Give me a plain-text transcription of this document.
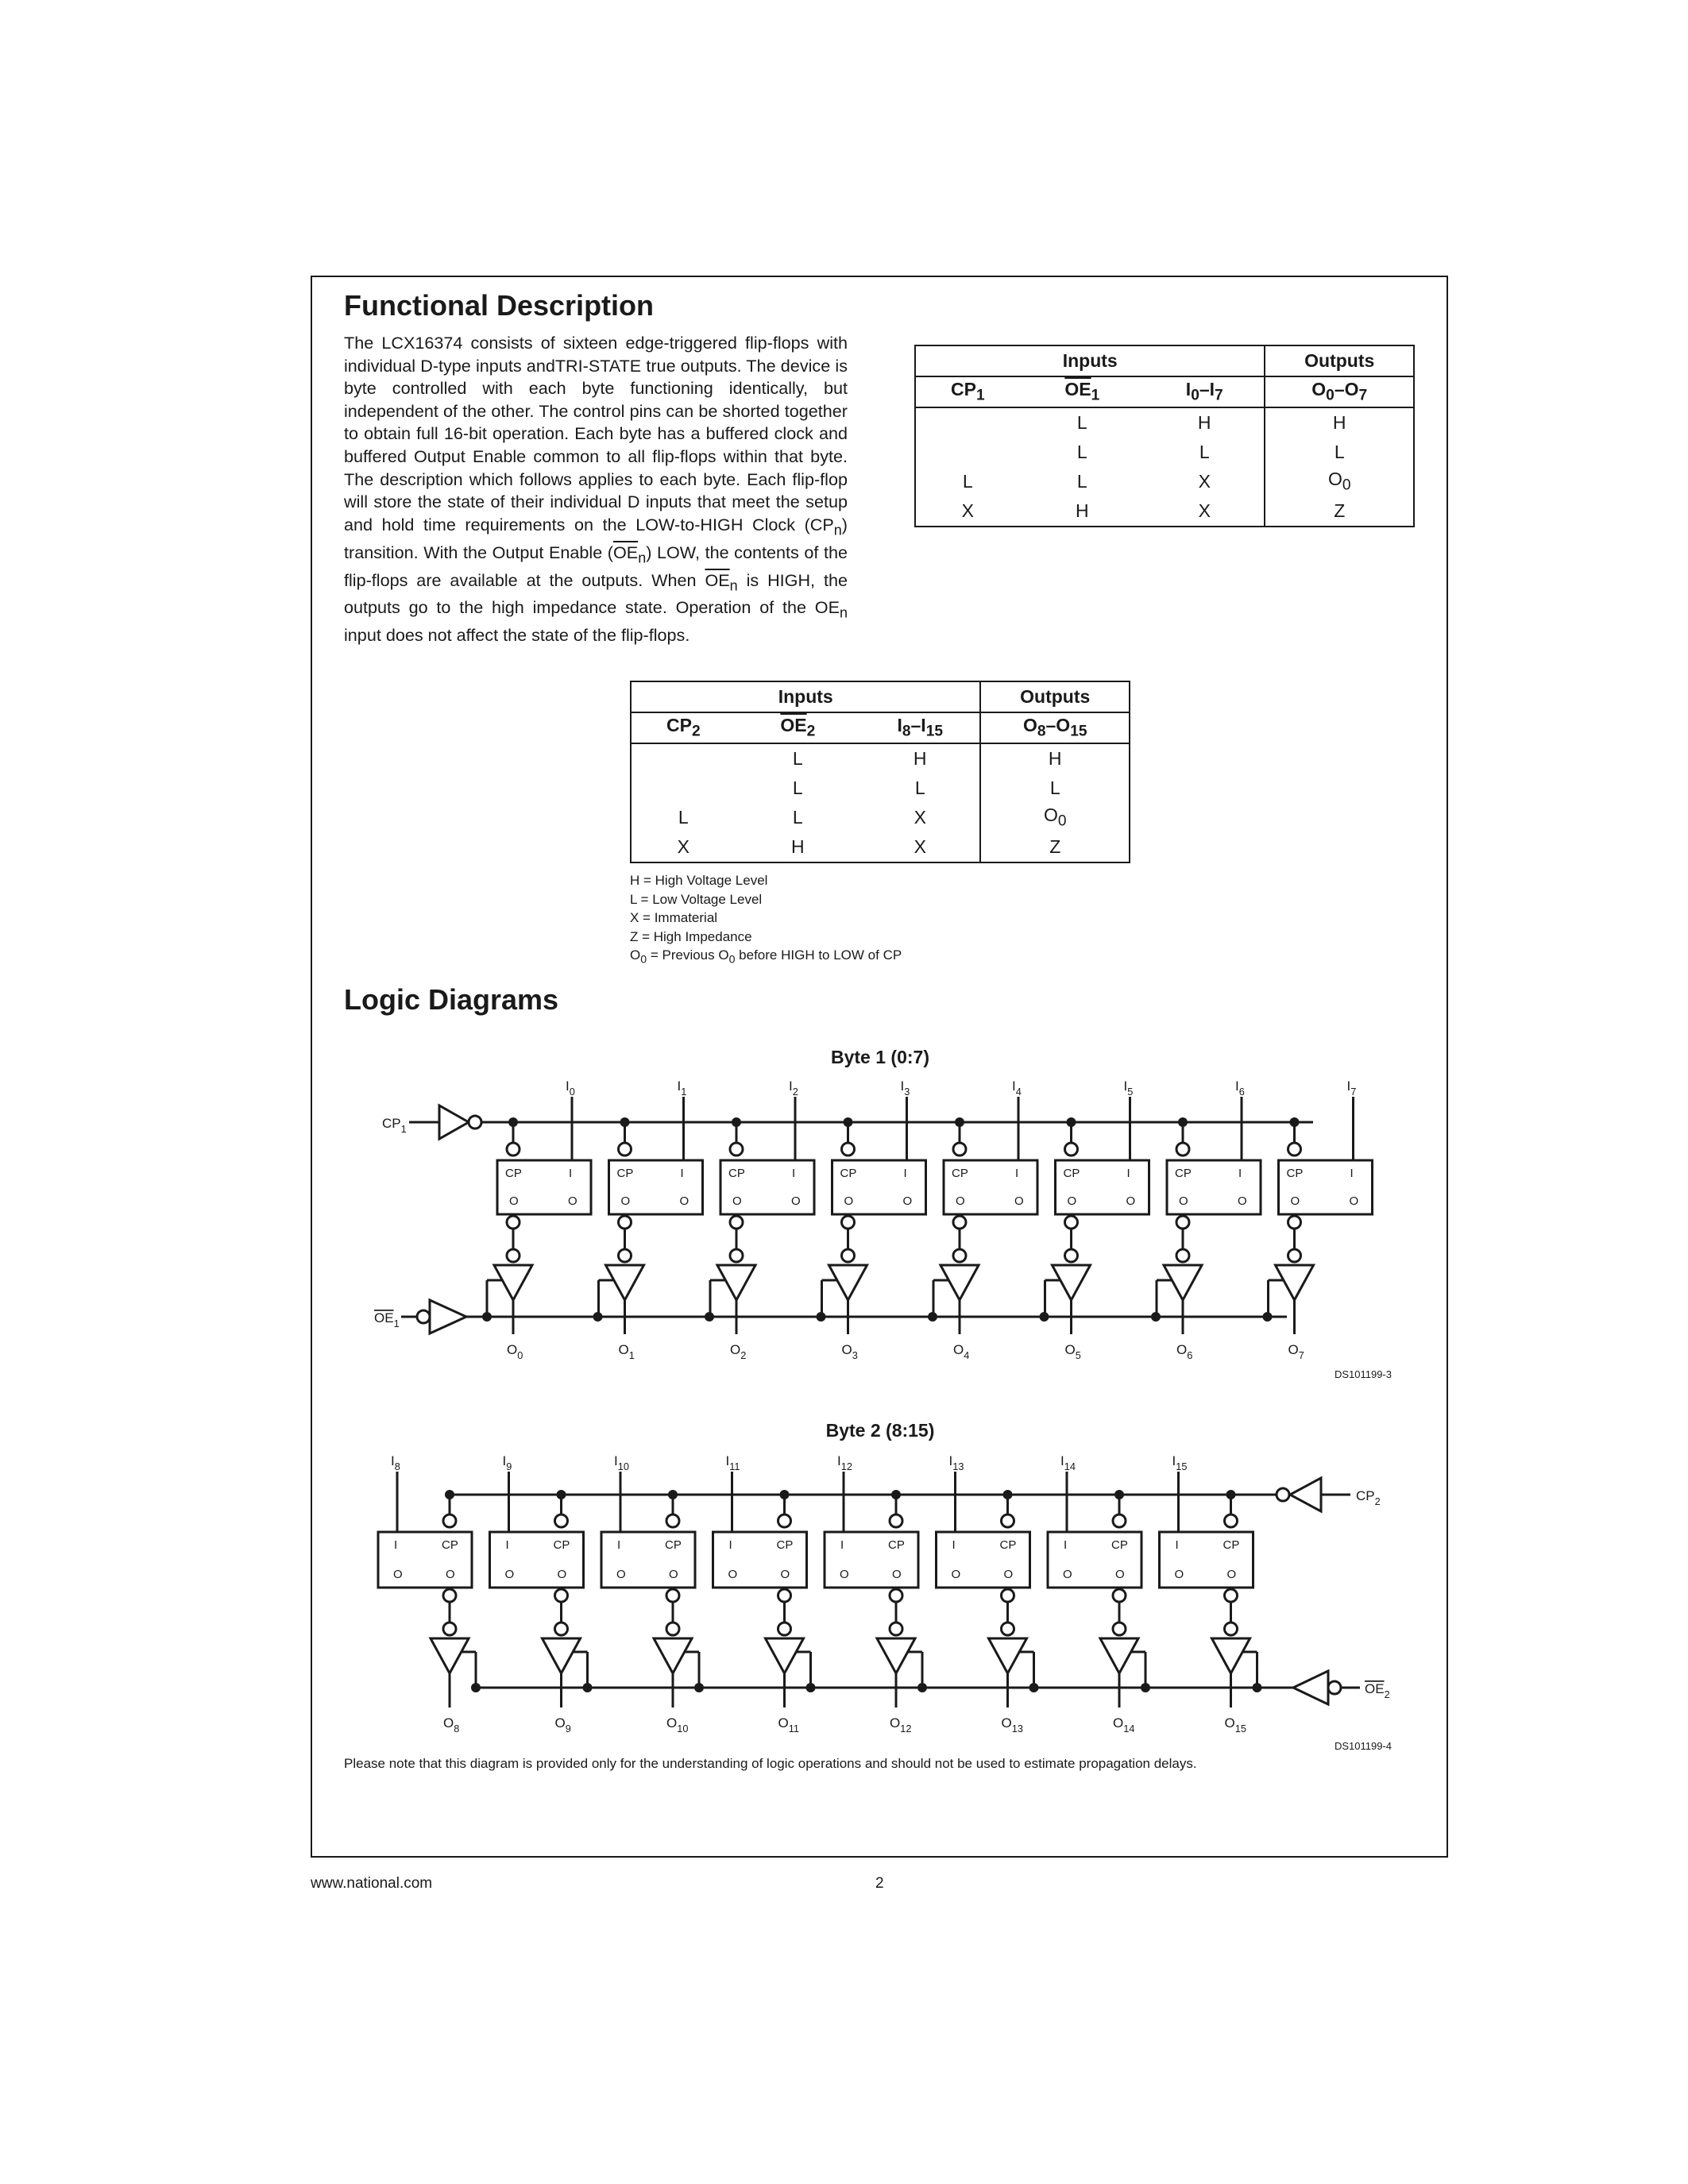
Functional Description

The LCX16374 consists of sixteen edge-triggered flip-flops with individual D-type inputs andTRI-STATE true outputs. The device is byte controlled with each byte functioning identically, but independent of the other. The control pins can be shorted together to obtain full 16-bit operation. Each byte has a buffered clock and buffered Output Enable common to all flip-flops within that byte. The description which follows applies to each byte. Each flip-flop will store the state of their individual D inputs that meet the setup and hold time requirements on the LOW-to-HIGH Clock $(CP_n)$ transition. With the Output Enable $(\overline{OE}_n)$ LOW, the contents of the flip-flops are available at the outputs. When $\overline{OE}_n$ is HIGH, the outputs go to the high impedance state. Operation of the $OE_n$ input does not affect the state of the flip-flops.

Inputs			Outputs
$CP_1$	$\overline{OE}_1$	$I_0-I_7$	$O_0-O_7$
	L	H	H
	L	L	L
L	L	X	$O_0$
X	H	X	Z
Inputs			Outputs
$CP_2$	$\overline{OE}_2$	$I_8-I_{15}$	$O_8-O_{15}$
	L	H	H
	L	L	L
L	L	X	$O_0$
X	H	X	Z
H = High Voltage Level
L = Low Voltage Level
X = Immaterial
Z = High Impedance
$O_0$ = Previous $O_0$ before HIGH to LOW of CP
Logic Diagrams
Byte 1 (0:7)
$CP_1$
$OE_1$
$I_0$
CP	I
O	O
$O_0$
$I_1$
CP	I
O	O
$O_1$
$I_2$
CP	I
O	O
$O_2$
$I_3$
CP	I
O	O
$O_3$
$I_4$
CP	I
O	O
$O_4$
$I_5$
CP	I
O	O
$O_5$
$I_6$
CP	I
O	O
$O_6$
$I_7$
CP	I
O	O
$O_7$
DS101199-3
Byte 2 (8:15)
$CP_2$
$OE_2$
$I_8$
I	CP
O	O
$O_8$
$I_9$
I	CP
O	O
$O_9$
$I_{10}$
I	CP
O	O
$O_{10}$
$I_{11}$
I	CP
O	O
$O_{11}$
$I_{12}$
I	CP
O	O
$O_{12}$
$I_{13}$
I	CP
O	O
$O_{13}$
$I_{14}$
I	CP
O	O
$O_{14}$
$I_{15}$
I	CP
O	O
$O_{15}$
DS101199-4
Please note that this diagram is provided only for the understanding of logic operations and should not be used to estimate propagation delays.
www.national.com	2
